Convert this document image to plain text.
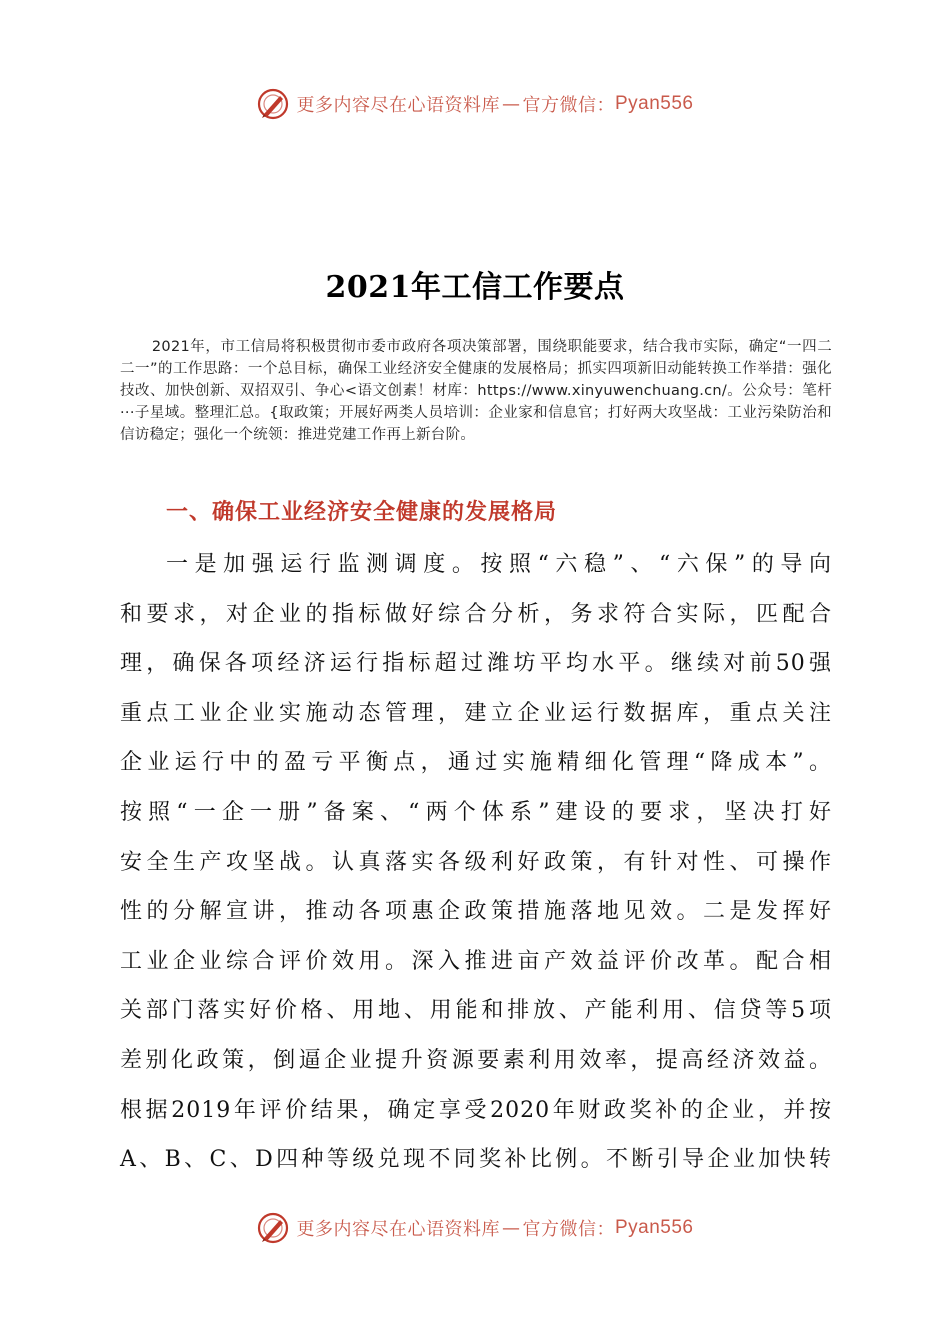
更多内容尽在心语资料库 — 官方微信： Pyan556
2021年工信工作要点
2021年，市工信局将积极贯彻市委市政府各项决策部署，围绕职能要求，结合我市实际，确定“一四二二一”的工作思路：一个总目标，确保工业经济安全健康的发展格局；抓实四项新旧动能转换工作举措：强化技改、加快创新、双招双引、争心<语文创素！材库：https://www.xinyuwenchuang.cn/。公众号：笔杆···子星域。整理汇总。{取政策；开展好两类人员培训：企业家和信息官；打好两大攻坚战：工业污染防治和信访稳定；强化一个统领：推进党建工作再上新台阶。
一、确保工业经济安全健康的发展格局
一是加强运行监测调度。按照“六稳”、“六保”的导向
和要求，对企业的指标做好综合分析，务求符合实际，匹配合
理，确保各项经济运行指标超过潍坊平均水平。继续对前50强
重点工业企业实施动态管理，建立企业运行数据库，重点关注
企业运行中的盈亏平衡点，通过实施精细化管理“降成本”。
按照“一企一册”备案、“两个体系”建设的要求，坚决打好
安全生产攻坚战。认真落实各级利好政策，有针对性、可操作
性的分解宣讲，推动各项惠企政策措施落地见效。二是发挥好
工业企业综合评价效用。深入推进亩产效益评价改革。配合相
关部门落实好价格、用地、用能和排放、产能利用、信贷等5项
差别化政策，倒逼企业提升资源要素利用效率，提高经济效益。
根据2019年评价结果，确定享受2020年财政奖补的企业，并按
A、B、C、D四种等级兑现不同奖补比例。不断引导企业加快转
更多内容尽在心语资料库 — 官方微信： Pyan556
